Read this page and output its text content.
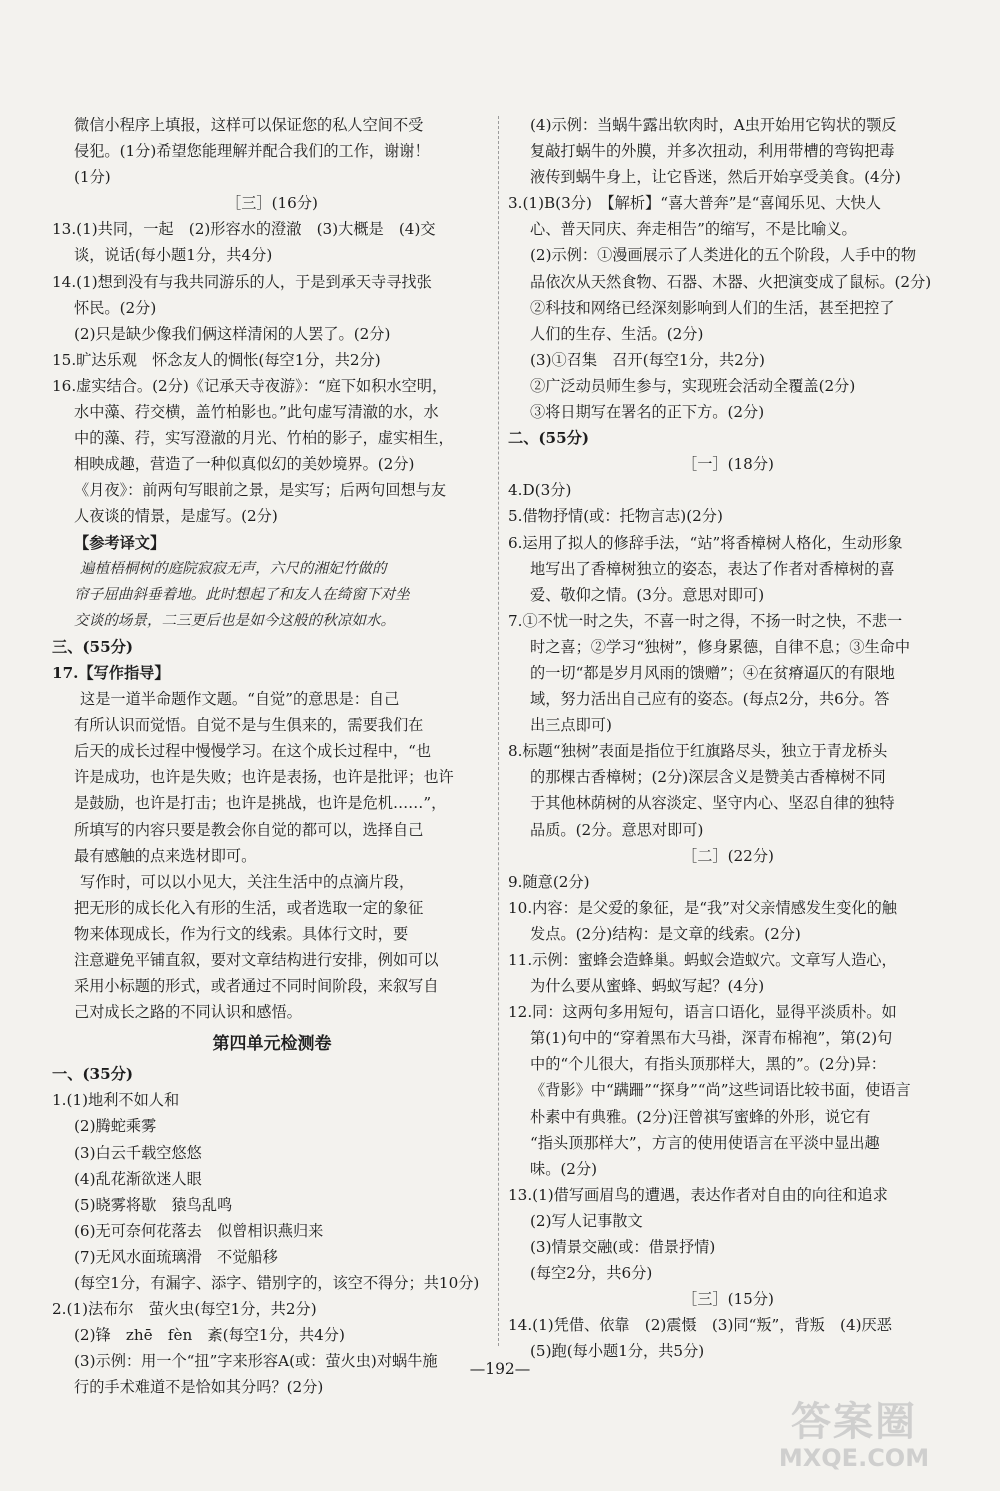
微信小程序上填报，这样可以保证您的私人空间不受
侵犯。(1分)希望您能理解并配合我们的工作，谢谢！
(1分)
［三］(16分)
13.(1)共同，一起　(2)形容水的澄澈　(3)大概是　(4)交
谈，说话(每小题1分，共4分)
14.(1)想到没有与我共同游乐的人，于是到承天寺寻找张
怀民。(2分)
(2)只是缺少像我们俩这样清闲的人罢了。(2分)
15.旷达乐观　怀念友人的惆怅(每空1分，共2分)
16.虚实结合。(2分)《记承天寺夜游》：“庭下如积水空明，
水中藻、荇交横，盖竹柏影也。”此句虚写清澈的水，水
中的藻、荇，实写澄澈的月光、竹柏的影子，虚实相生，
相映成趣，营造了一种似真似幻的美妙境界。(2分)
《月夜》：前两句写眼前之景，是实写；后两句回想与友
人夜谈的情景，是虚写。(2分)
【参考译文】
遍植梧桐树的庭院寂寂无声，六尺的湘妃竹做的
帘子屈曲斜垂着地。此时想起了和友人在绮窗下对坐
交谈的场景，二三更后也是如今这般的秋凉如水。
三、(55分)
17.【写作指导】
这是一道半命题作文题。“自觉”的意思是：自己
有所认识而觉悟。自觉不是与生俱来的，需要我们在
后天的成长过程中慢慢学习。在这个成长过程中，“也
许是成功，也许是失败；也许是表扬，也许是批评；也许
是鼓励，也许是打击；也许是挑战，也许是危机……”，
所填写的内容只要是教会你自觉的都可以，选择自己
最有感触的点来选材即可。
写作时，可以以小见大，关注生活中的点滴片段，
把无形的成长化入有形的生活，或者选取一定的象征
物来体现成长，作为行文的线索。具体行文时，要
注意避免平铺直叙，要对文章结构进行安排，例如可以
采用小标题的形式，或者通过不同时间阶段，来叙写自
己对成长之路的不同认识和感悟。
第四单元检测卷
一、(35分)
1.(1)地利不如人和
(2)腾蛇乘雾
(3)白云千载空悠悠
(4)乱花渐欲迷人眼
(5)晓雾将歇　猿鸟乱鸣
(6)无可奈何花落去　似曾相识燕归来
(7)无风水面琉璃滑　不觉船移
(每空1分，有漏字、添字、错别字的，该空不得分；共10分)
2.(1)法布尔　萤火虫(每空1分，共2分)
(2)锋　zhē　fèn　紊(每空1分，共4分)
(3)示例：用一个“扭”字来形容A(或：萤火虫)对蜗牛施
行的手术难道不是恰如其分吗？(2分)
(4)示例：当蜗牛露出软肉时，A虫开始用它钩状的颚反
复敲打蜗牛的外膜，并多次扭动，利用带槽的弯钩把毒
液传到蜗牛身上，让它昏迷，然后开始享受美食。(4分)
3.(1)B(3分)　【解析】“喜大普奔”是“喜闻乐见、大快人
心、普天同庆、奔走相告”的缩写，不是比喻义。
(2)示例：①漫画展示了人类进化的五个阶段，人手中的物
品依次从天然食物、石器、木器、火把演变成了鼠标。(2分)
②科技和网络已经深刻影响到人们的生活，甚至把控了
人们的生存、生活。(2分)
(3)①召集　召开(每空1分，共2分)
②广泛动员师生参与，实现班会活动全覆盖(2分)
③将日期写在署名的正下方。(2分)
二、(55分)
［一］(18分)
4.D(3分)
5.借物抒情(或：托物言志)(2分)
6.运用了拟人的修辞手法，“站”将香樟树人格化，生动形象
地写出了香樟树独立的姿态，表达了作者对香樟树的喜
爱、敬仰之情。(3分。意思对即可)
7.①不忧一时之失，不喜一时之得，不扬一时之快，不悲一
时之喜；②学习“独树”，修身累德，自律不息；③生命中
的一切“都是岁月风雨的馈赠”；④在贫瘠逼仄的有限地
域，努力活出自己应有的姿态。(每点2分，共6分。答
出三点即可)
8.标题“独树”表面是指位于红旗路尽头，独立于青龙桥头
的那棵古香樟树；(2分)深层含义是赞美古香樟树不同
于其他林荫树的从容淡定、坚守内心、坚忍自律的独特
品质。(2分。意思对即可)
［二］(22分)
9.随意(2分)
10.内容：是父爱的象征，是“我”对父亲情感发生变化的触
发点。(2分)结构：是文章的线索。(2分)
11.示例：蜜蜂会造蜂巢。蚂蚁会造蚁穴。文章写人造心，
为什么要从蜜蜂、蚂蚁写起？(4分)
12.同：这两句多用短句，语言口语化，显得平淡质朴。如
第(1)句中的“穿着黑布大马褂，深青布棉袍”，第(2)句
中的“个儿很大，有指头顶那样大，黑的”。(2分)异：
《背影》中“蹒跚”“探身”“尚”这些词语比较书面，使语言
朴素中有典雅。(2分)汪曾祺写蜜蜂的外形，说它有
“指头顶那样大”，方言的使用使语言在平淡中显出趣
味。(2分)
13.(1)借写画眉鸟的遭遇，表达作者对自由的向往和追求
(2)写人记事散文
(3)情景交融(或：借景抒情)
(每空2分，共6分)
［三］(15分)
14.(1)凭借、依靠　(2)震慑　(3)同“叛”，背叛　(4)厌恶
(5)跑(每小题1分，共5分)
—192—
答案圈
MXQE.COM
